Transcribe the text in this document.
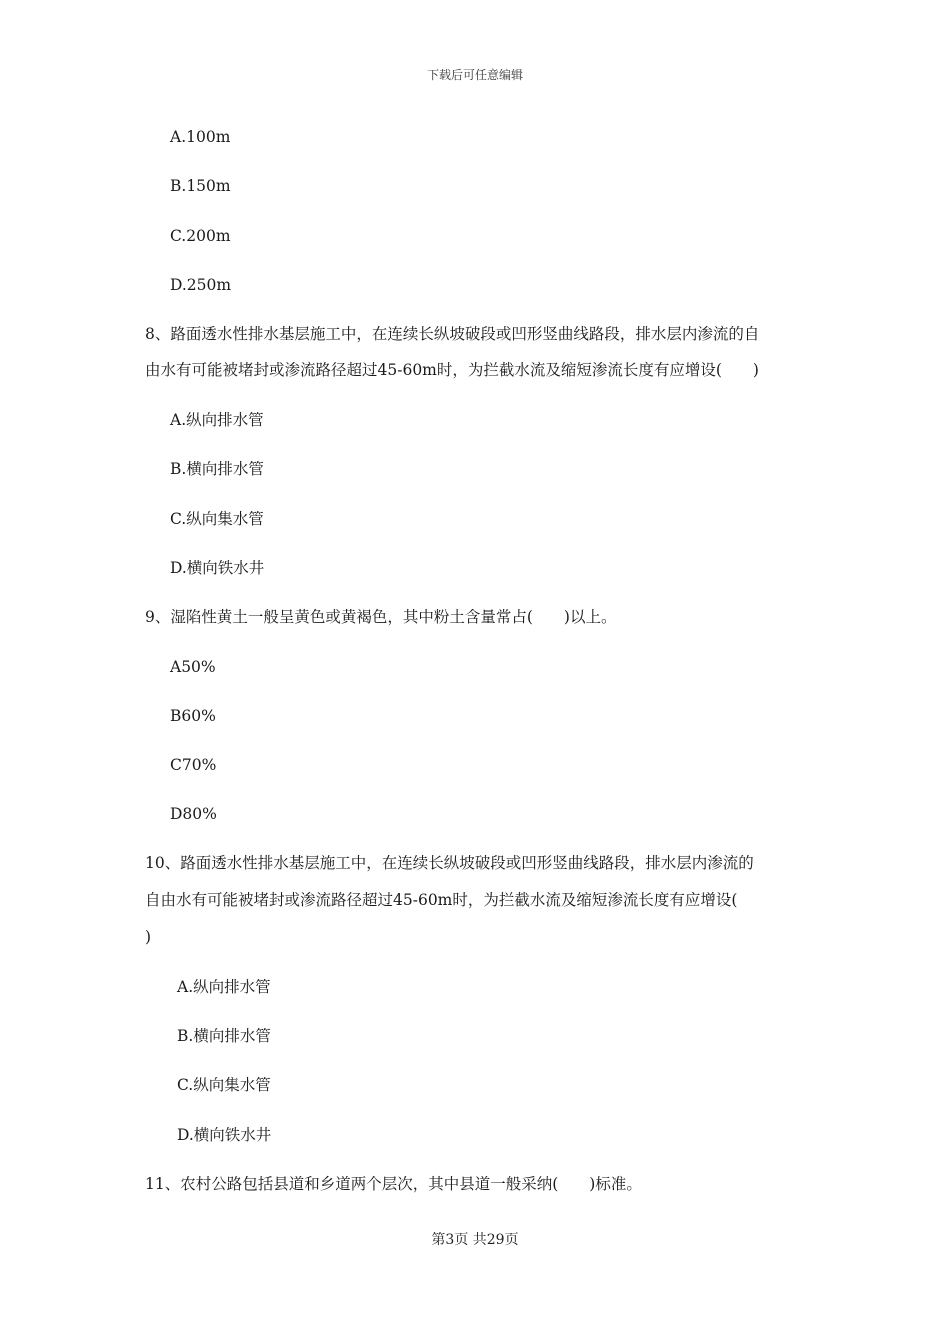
下载后可任意编辑
A.100m
B.150m
C.200m
D.250m
8、路面透水性排水基层施工中，在连续长纵坡破段或凹形竖曲线路段，排水层内渗流的自
由水有可能被堵封或渗流路径超过45-60m时，为拦截水流及缩短渗流长度有应增设(　　)
A.纵向排水管
B.横向排水管
C.纵向集水管
D.横向铁水井
9、湿陷性黄土一般呈黄色或黄褐色，其中粉土含量常占(　　)以上。
A50%
B60%
C70%
D80%
10、路面透水性排水基层施工中，在连续长纵坡破段或凹形竖曲线路段，排水层内渗流的
自由水有可能被堵封或渗流路径超过45-60m时，为拦截水流及缩短渗流长度有应增设(
)
A.纵向排水管
B.横向排水管
C.纵向集水管
D.横向铁水井
11、农村公路包括县道和乡道两个层次，其中县道一般采纳(　　)标准。
第3页 共29页
